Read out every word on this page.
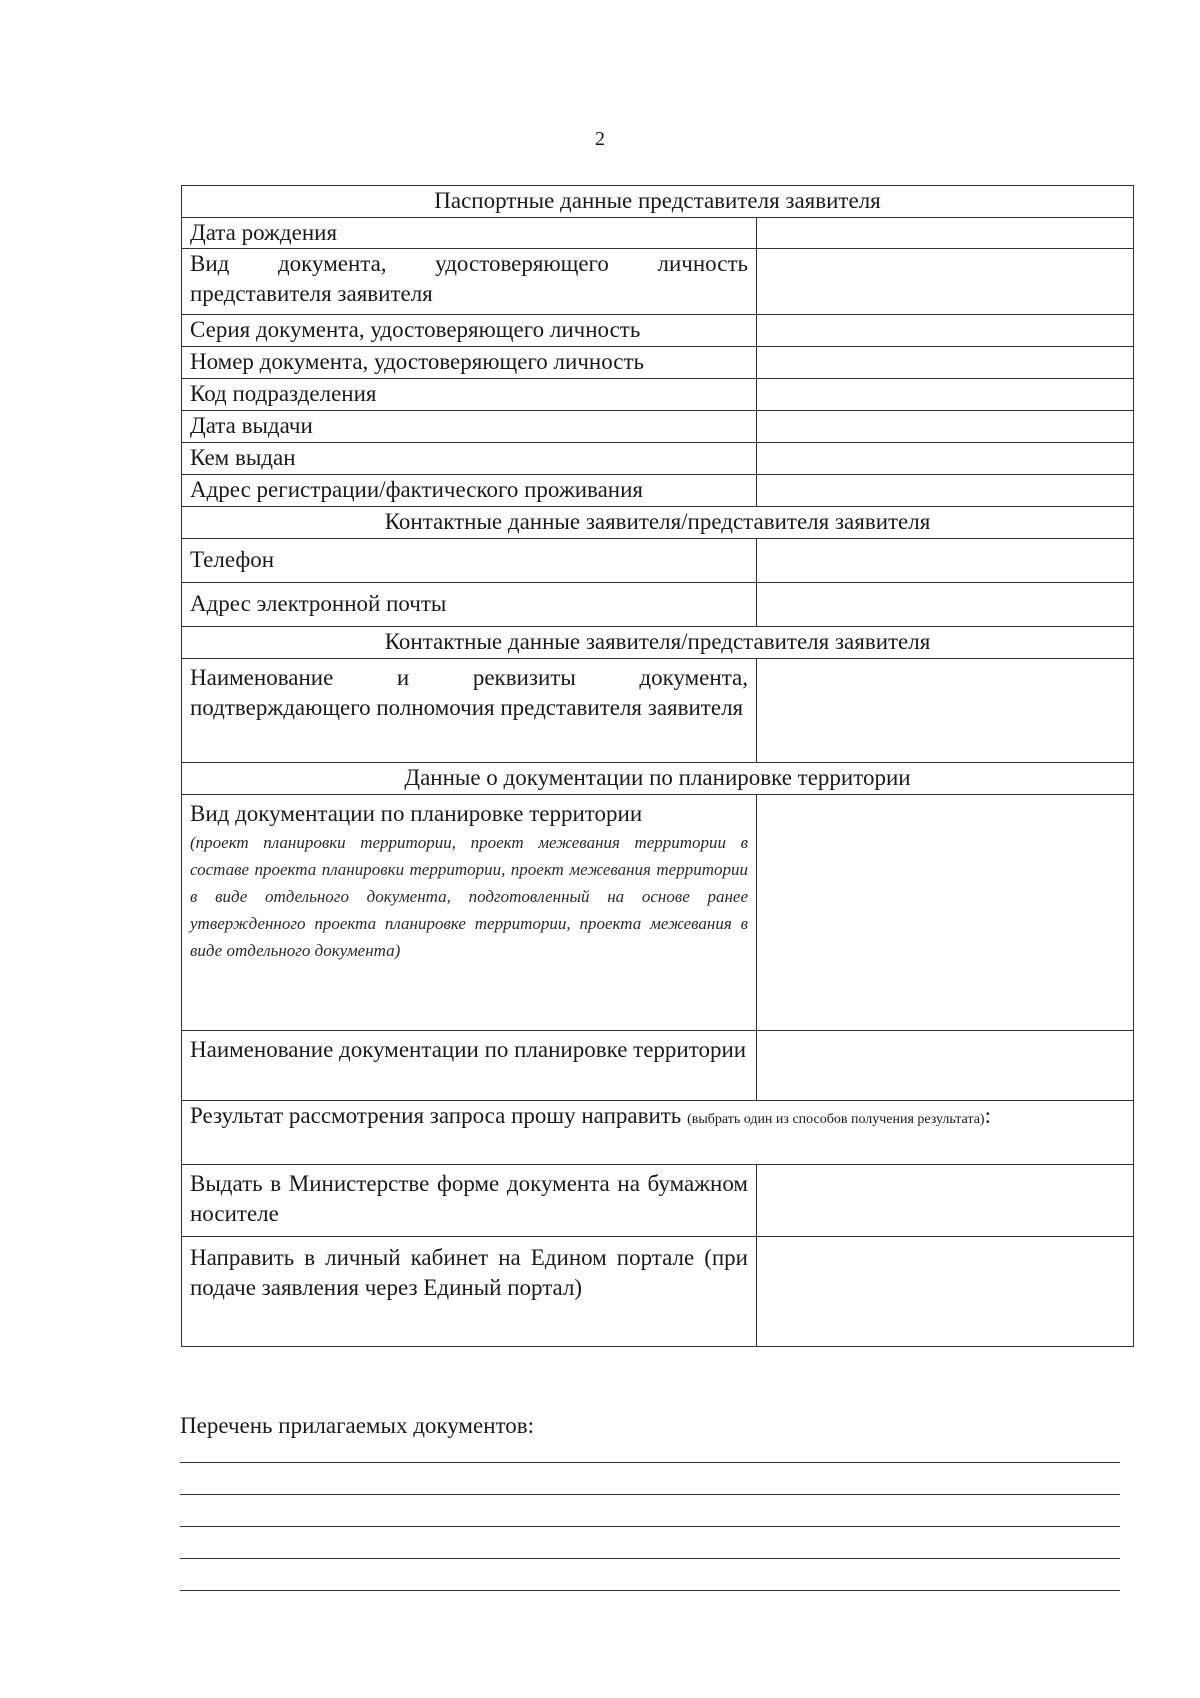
2
Паспортные данные представителя заявителя	
Дата рождения	
Вид документа, удостоверяющего личность представителя заявителя	
Серия документа, удостоверяющего личность	
Номер документа, удостоверяющего личность	
Код подразделения	
Дата выдачи	
Кем выдан	
Адрес регистрации/фактического проживания	
Контактные данные заявителя/представителя заявителя	
Телефон	
Адрес электронной почты	
Контактные данные заявителя/представителя заявителя	
Наименование и реквизиты документа, подтверждающего полномочия представителя заявителя	
Данные о документации по планировке территории	

Вид документации по планировке территории
(проект планировки территории, проект межевания территории в составе проекта планировки территории, проект межевания территории в виде отдельного документа, подготовленный на основе ранее утвержденного проекта планировке территории, проекта межевания в виде отдельного документа)	

Наименование документации по планировке территории	
Результат рассмотрения запроса прошу направить (выбрать один из способов получения результата):	
Выдать в Министерстве форме документа на бумажном носителе	
Направить в личный кабинет на Едином портале (при подаче заявления через Единый портал)	
Перечень прилагаемых документов:
